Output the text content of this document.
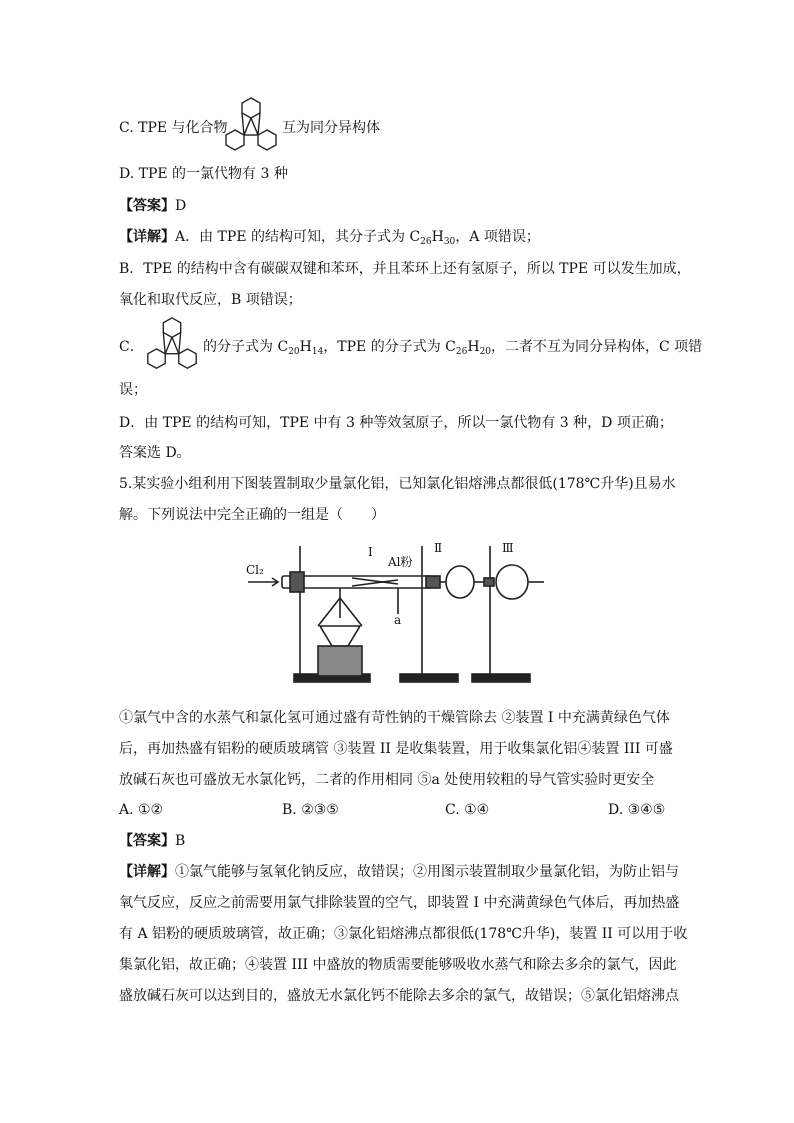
C. TPE 与化合物	互为同分异构体
D. TPE 的一氯代物有 3 种
【答案】D
【详解】A．由 TPE 的结构可知，其分子式为 $C_{26}H_{30}$，A 项错误；
B．TPE 的结构中含有碳碳双键和苯环，并且苯环上还有氢原子，所以 TPE 可以发生加成，
氧化和取代反应，B 项错误；
C．	的分子式为 $C_{20}H_{14}$，TPE 的分子式为 $C_{26}H_{20}$，二者不互为同分异构体，C 项错
误；
D．由 TPE 的结构可知，TPE 中有 3 种等效氢原子，所以一氯代物有 3 种，D 项正确；
答案选 D。
5.某实验小组利用下图装置制取少量氯化铝，已知氯化铝熔沸点都很低(178℃升华)且易水
解。下列说法中完全正确的一组是（　　）
Cl₂
I
Al粉
Ⅱ	Ⅲ
a
①氯气中含的水蒸气和氯化氢可通过盛有苛性钠的干燥管除去 ②装置 I 中充满黄绿色气体
后，再加热盛有铝粉的硬质玻璃管 ③装置 II 是收集装置，用于收集氯化铝④装置 III 可盛
放碱石灰也可盛放无水氯化钙，二者的作用相同 ⑤a 处使用较粗的导气管实验时更安全
A. ①②	B. ②③⑤	C. ①④	D. ③④⑤
【答案】B
【详解】①氯气能够与氢氧化钠反应，故错误；②用图示装置制取少量氯化铝，为防止铝与
氧气反应，反应之前需要用氯气排除装置的空气，即装置 I 中充满黄绿色气体后，再加热盛
有 A 铝粉的硬质玻璃管，故正确；③氯化铝熔沸点都很低(178℃升华)，装置 II 可以用于收
集氯化铝，故正确；④装置 III 中盛放的物质需要能够吸收水蒸气和除去多余的氯气，因此
盛放碱石灰可以达到目的，盛放无水氯化钙不能除去多余的氯气，故错误；⑤氯化铝熔沸点
